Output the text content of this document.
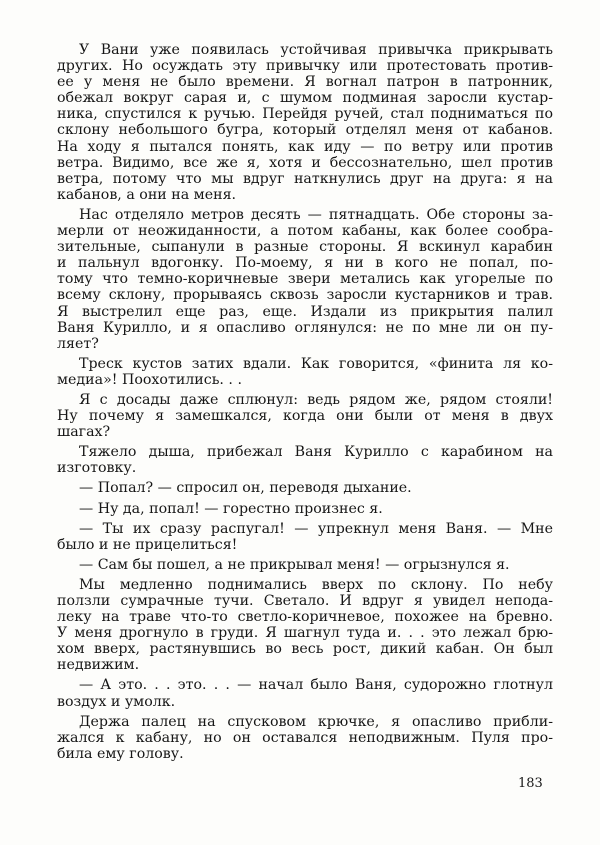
У Вани уже появилась устойчивая привычка прикрывать
других. Но осуждать эту привычку или протестовать против-
ее у меня не было времени. Я вогнал патрон в патронник,
обежал вокруг сарая и, с шумом подминая заросли кустар-
ника, спустился к ручью. Перейдя ручей, стал подниматься по
склону небольшого бугра, который отделял меня от кабанов.
На ходу я пытался понять, как иду — по ветру или против
ветра. Видимо, все же я, хотя и бессознательно, шел против
ветра, потому что мы вдруг наткнулись друг на друга: я на
кабанов, а они на меня.
Нас отделяло метров десять — пятнадцать. Обе стороны за-
мерли от неожиданности, а потом кабаны, как более сообра-
зительные, сыпанули в разные стороны. Я вскинул карабин
и пальнул вдогонку. По-моему, я ни в кого не попал, по-
тому что темно-коричневые звери метались как угорелые по
всему склону, прорываясь сквозь заросли кустарников и трав.
Я выстрелил еще раз, еще. Издали из прикрытия палил
Ваня Курилло, и я опасливо оглянулся: не по мне ли он пу-
ляет?
Треск кустов затих вдали. Как говорится, «финита ля ко-
медиа»! Поохотились. . .
Я с досады даже сплюнул: ведь рядом же, рядом стояли!
Ну почему я замешкался, когда они были от меня в двух
шагах?
Тяжело дыша, прибежал Ваня Курилло с карабином на
изготовку.
— Попал? — спросил он, переводя дыхание.
— Ну да, попал! — горестно произнес я.
— Ты их сразу распугал! — упрекнул меня Ваня. — Мне
было и не прицелиться!
— Сам бы пошел, а не прикрывал меня! — огрызнулся я.
Мы медленно поднимались вверх по склону. По небу
ползли сумрачные тучи. Светало. И вдруг я увидел непода-
леку на траве что-то светло-коричневое, похожее на бревно.
У меня дрогнуло в груди. Я шагнул туда и. . . это лежал брю-
хом вверх, растянувшись во весь рост, дикий кабан. Он был
недвижим.
— А это. . . это. . . — начал было Ваня, судорожно глотнул
воздух и умолк.
Держа палец на спусковом крючке, я опасливо прибли-
жался к кабану, но он оставался неподвижным. Пуля про-
била ему голову.
183
